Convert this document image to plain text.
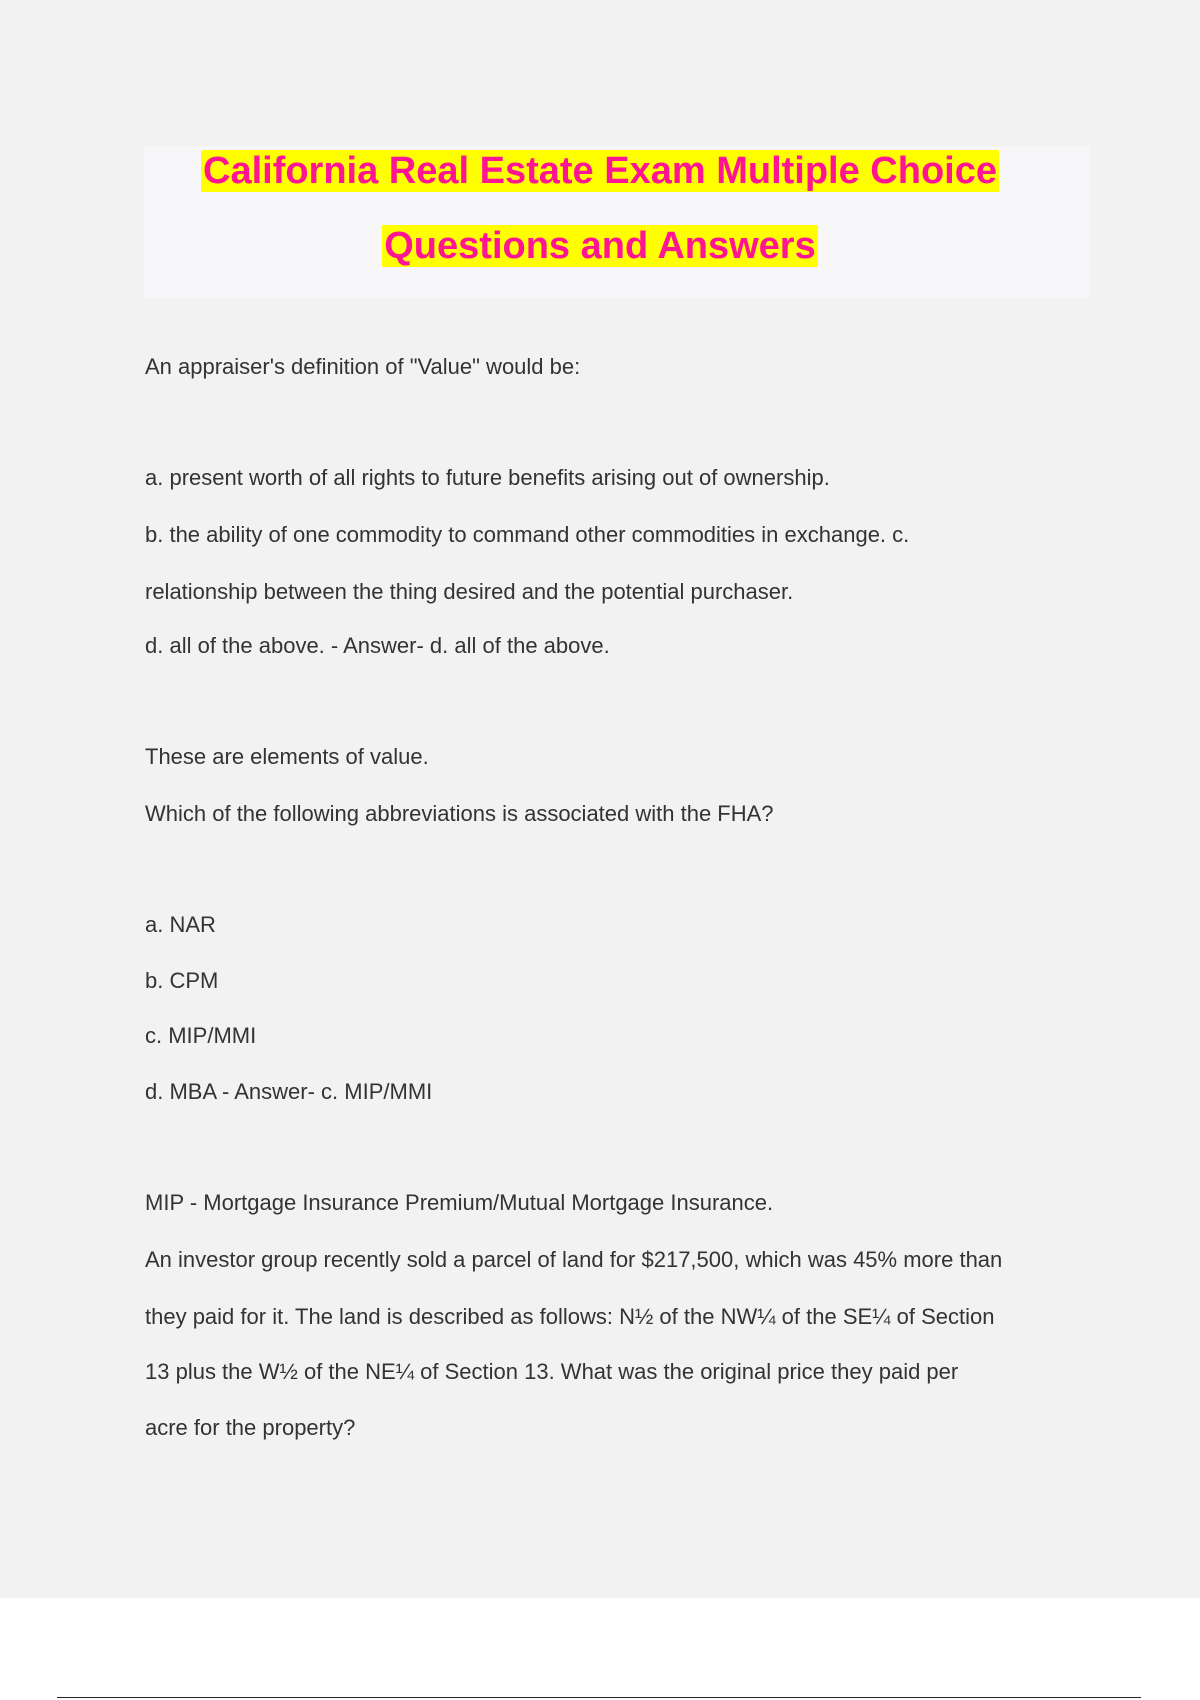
California Real Estate Exam Multiple Choice
Questions and Answers
An appraiser's definition of "Value" would be:
a. present worth of all rights to future benefits arising out of ownership.
b. the ability of one commodity to command other commodities in exchange. c.
relationship between the thing desired and the potential purchaser.
d. all of the above. - Answer- d. all of the above.
These are elements of value.
Which of the following abbreviations is associated with the FHA?
a. NAR
b. CPM
c. MIP/MMI
d. MBA - Answer- c. MIP/MMI
MIP - Mortgage Insurance Premium/Mutual Mortgage Insurance.
An investor group recently sold a parcel of land for $217,500, which was 45% more than
they paid for it. The land is described as follows: N½ of the NW¼ of the SE¼ of Section
13 plus the W½ of the NE¼ of Section 13. What was the original price they paid per
acre for the property?
